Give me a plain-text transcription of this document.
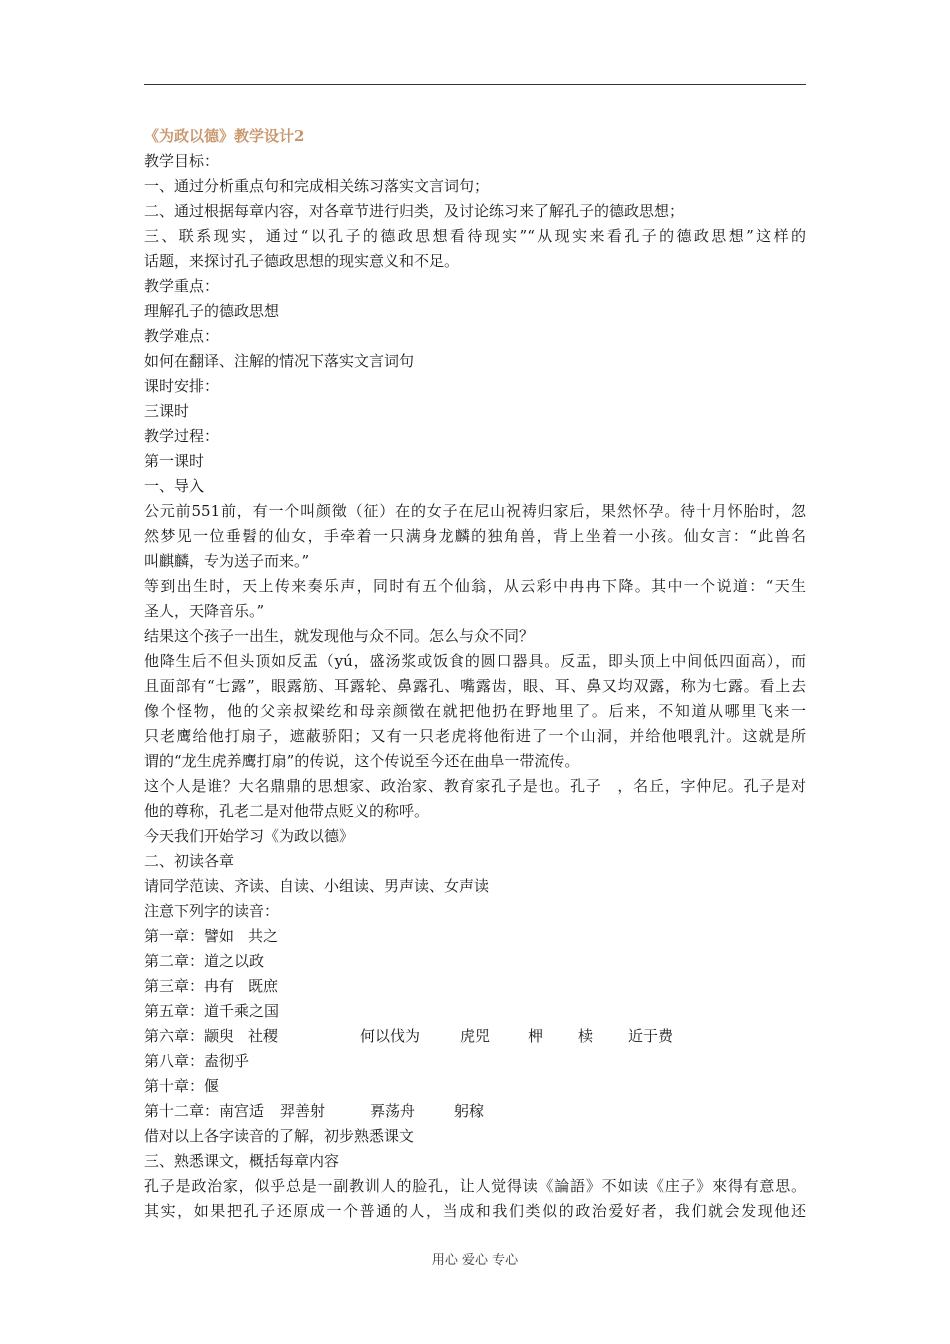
《为政以德》教学设计2
教学目标：
一、通过分析重点句和完成相关练习落实文言词句；
二、通过根据每章内容，对各章节进行归类，及讨论练习来了解孔子的德政思想；
三、联系现实，通过“以孔子的德政思想看待现实”“从现实来看孔子的德政思想”这样的
话题，来探讨孔子德政思想的现实意义和不足。
教学重点：
理解孔子的德政思想
教学难点：
如何在翻译、注解的情况下落实文言词句
课时安排：
三课时
教学过程：
第一课时
一、导入
公元前551前，有一个叫颜徵（征）在的女子在尼山祝祷归家后，果然怀孕。待十月怀胎时，忽
然梦见一位垂髫的仙女，手牵着一只满身龙麟的独角兽，背上坐着一小孩。仙女言：“此兽名
叫麒麟，专为送子而来。”
等到出生时，天上传来奏乐声，同时有五个仙翁，从云彩中冉冉下降。其中一个说道：“天生
圣人，天降音乐。”
结果这个孩子一出生，就发现他与众不同。怎么与众不同？
他降生后不但头顶如反盂（yú，盛汤浆或饭食的圆口器具。反盂，即头顶上中间低四面高），而
且面部有“七露”，眼露筋、耳露轮、鼻露孔、嘴露齿，眼、耳、鼻又均双露，称为七露。看上去
像个怪物，他的父亲叔梁纥和母亲颜徵在就把他扔在野地里了。后来，不知道从哪里飞来一
只老鹰给他打扇子，遮蔽骄阳；又有一只老虎将他衔进了一个山洞，并给他喂乳汁。这就是所
谓的“龙生虎养鹰打扇”的传说，这个传说至今还在曲阜一带流传。
这个人是谁？大名鼎鼎的思想家、政治家、教育家孔子是也。孔子　，名丘，字仲尼。孔子是对
他的尊称，孔老二是对他带点贬义的称呼。
今天我们开始学习《为政以德》
二、初读各章
请同学范读、齐读、自读、小组读、男声读、女声读
注意下列字的读音：
第一章：譬如 共之
第二章：道之以政
第三章：冉有 既庶
第五章：道千乘之国
第六章：颛臾 社稷	何以伐为	虎兕	柙 椟 近于费
第八章：盍彻乎
第十章：偃
第十二章：南宫适 羿善射	奡荡舟	躬稼
借对以上各字读音的了解，初步熟悉课文
三、熟悉课文，概括每章内容
孔子是政治家，似乎总是一副教训人的脸孔，让人觉得读《論語》不如读《庄子》來得有意思。
其实，如果把孔子还原成一个普通的人，当成和我们类似的政治爱好者，我们就会发现他还
用心 爱心 专心
